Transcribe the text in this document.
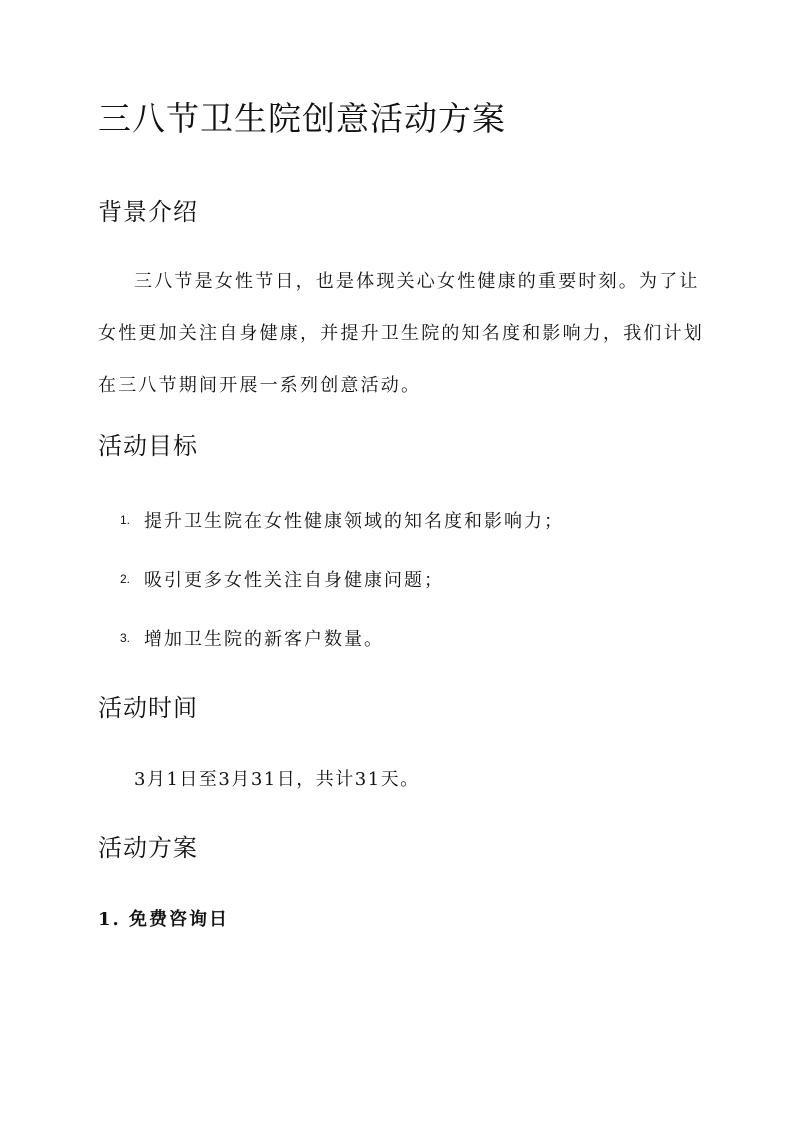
三八节卫生院创意活动方案
背景介绍

三八节是女性节日，也是体现关心女性健康的重要时刻。为了让女性更加关注自身健康，并提升卫生院的知名度和影响力，我们计划在三八节期间开展一系列创意活动。

活动目标
1. 提升卫生院在女性健康领域的知名度和影响力；
2. 吸引更多女性关注自身健康问题；
3. 增加卫生院的新客户数量。
活动时间

3月1日至3月31日，共计31天。

活动方案
1. 免费咨询日
